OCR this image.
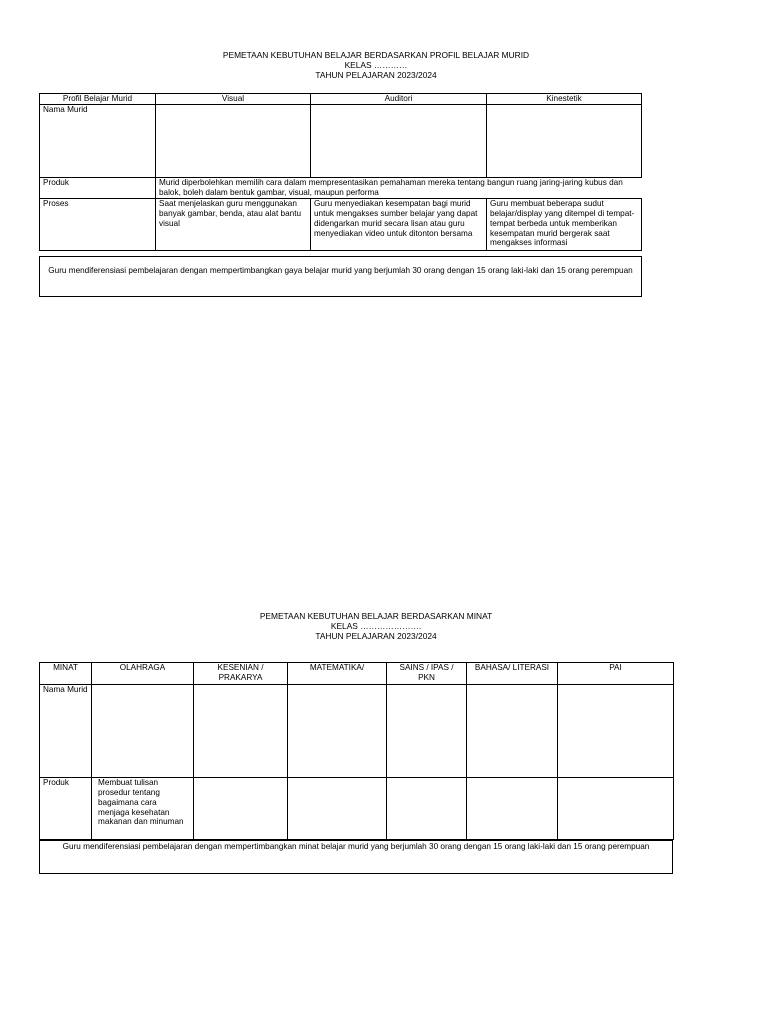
PEMETAAN KEBUTUHAN BELAJAR BERDASARKAN PROFIL BELAJAR MURID
KELAS …………
TAHUN PELAJARAN 2023/2024
Profil Belajar Murid	Visual	Auditori	Kinestetik
Nama Murid			
Produk	Murid diperbolehkan memilih cara dalam mempresentasikan pemahaman mereka tentang bangun ruang jaring-jaring kubus dan balok, boleh dalam bentuk gambar, visual, maupun performa		
Proses	Saat menjelaskan guru menggunakan banyak gambar, benda, atau alat bantu visual	Guru menyediakan kesempatan bagi murid untuk mengakses sumber belajar yang dapat didengarkan murid secara lisan atau guru menyediakan video untuk ditonton bersama	Guru membuat beberapa sudut belajar/display yang ditempel di tempat-tempat berbeda untuk memberikan kesempatan murid bergerak saat mengakses informasi
Guru mendiferensiasi pembelajaran dengan mempertimbangkan gaya belajar murid yang berjumlah 30 orang dengan 15 orang laki-laki dan 15 orang perempuan
PEMETAAN KEBUTUHAN BELAJAR BERDASARKAN MINAT
KELAS ………………….
TAHUN PELAJARAN 2023/2024
MINAT	OLAHRAGA	KESENIAN / PRAKARYA	MATEMATIKA/	SAINS / IPAS / PKN	BAHASA/ LITERASI	PAI
Nama Murid						
Produk	Membuat tulisan prosedur tentang bagaimana cara menjaga kesehatan makanan dan minuman					
Guru mendiferensiasi pembelajaran dengan mempertimbangkan minat belajar murid yang berjumlah 30 orang dengan 15 orang laki-laki dan 15 orang perempuan
